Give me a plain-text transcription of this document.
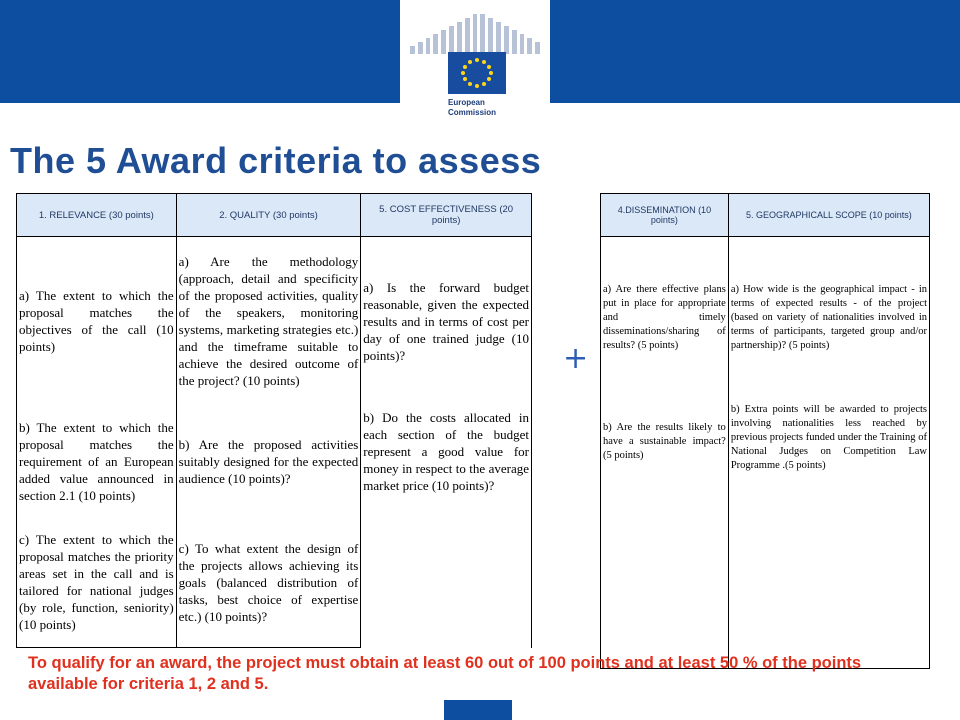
European
Commission
The 5 Award criteria to assess
1. RELEVANCE (30 points)	2. QUALITY (30 points)	5. COST EFFECTIVENESS (20 points)
a) The extent to which the proposal matches the objectives of the call (10 points)	a) Are the methodology (approach, detail and specificity of the proposed activities, quality of the speakers, monitoring systems, marketing strategies etc.) and the timeframe suitable to achieve the desired outcome of the project? (10 points)	a) Is the forward budget reasonable, given the expected results and in terms of cost per day of one trained judge (10 points)?
b) The extent to which the proposal matches the requirement of an European added value announced in section 2.1 (10 points)	b) Are the proposed activities suitably designed for the expected audience (10 points)?	b) Do the costs allocated in each section of the budget represent a good value for money in respect to the average market price (10 points)?
c) The extent to which the proposal matches the priority areas set in the call and is tailored for national judges (by role, function, seniority) (10 points)	c) To what extent the design of the projects allows achieving its goals (balanced distribution of tasks, best choice of expertise etc.) (10 points)?	
+
4.DISSEMINATION (10 points)	5. GEOGRAPHICALL SCOPE (10 points)
a) Are there effective plans put in place for appropriate and timely disseminations/sharing of results? (5 points)	a) How wide is the geographical impact - in terms of expected results - of the project (based on variety of nationalities involved in terms of participants, targeted group and/or partnership)? (5 points)
b) Are the results likely to have a sustainable impact? (5 points)	b) Extra points will be awarded to projects involving nationalities less reached by previous projects funded under the Training of National Judges on Competition Law Programme .(5 points)

To qualify for an award, the project must obtain at least 60 out of 100 points and at least 50 % of the points available for criteria 1, 2 and 5.
